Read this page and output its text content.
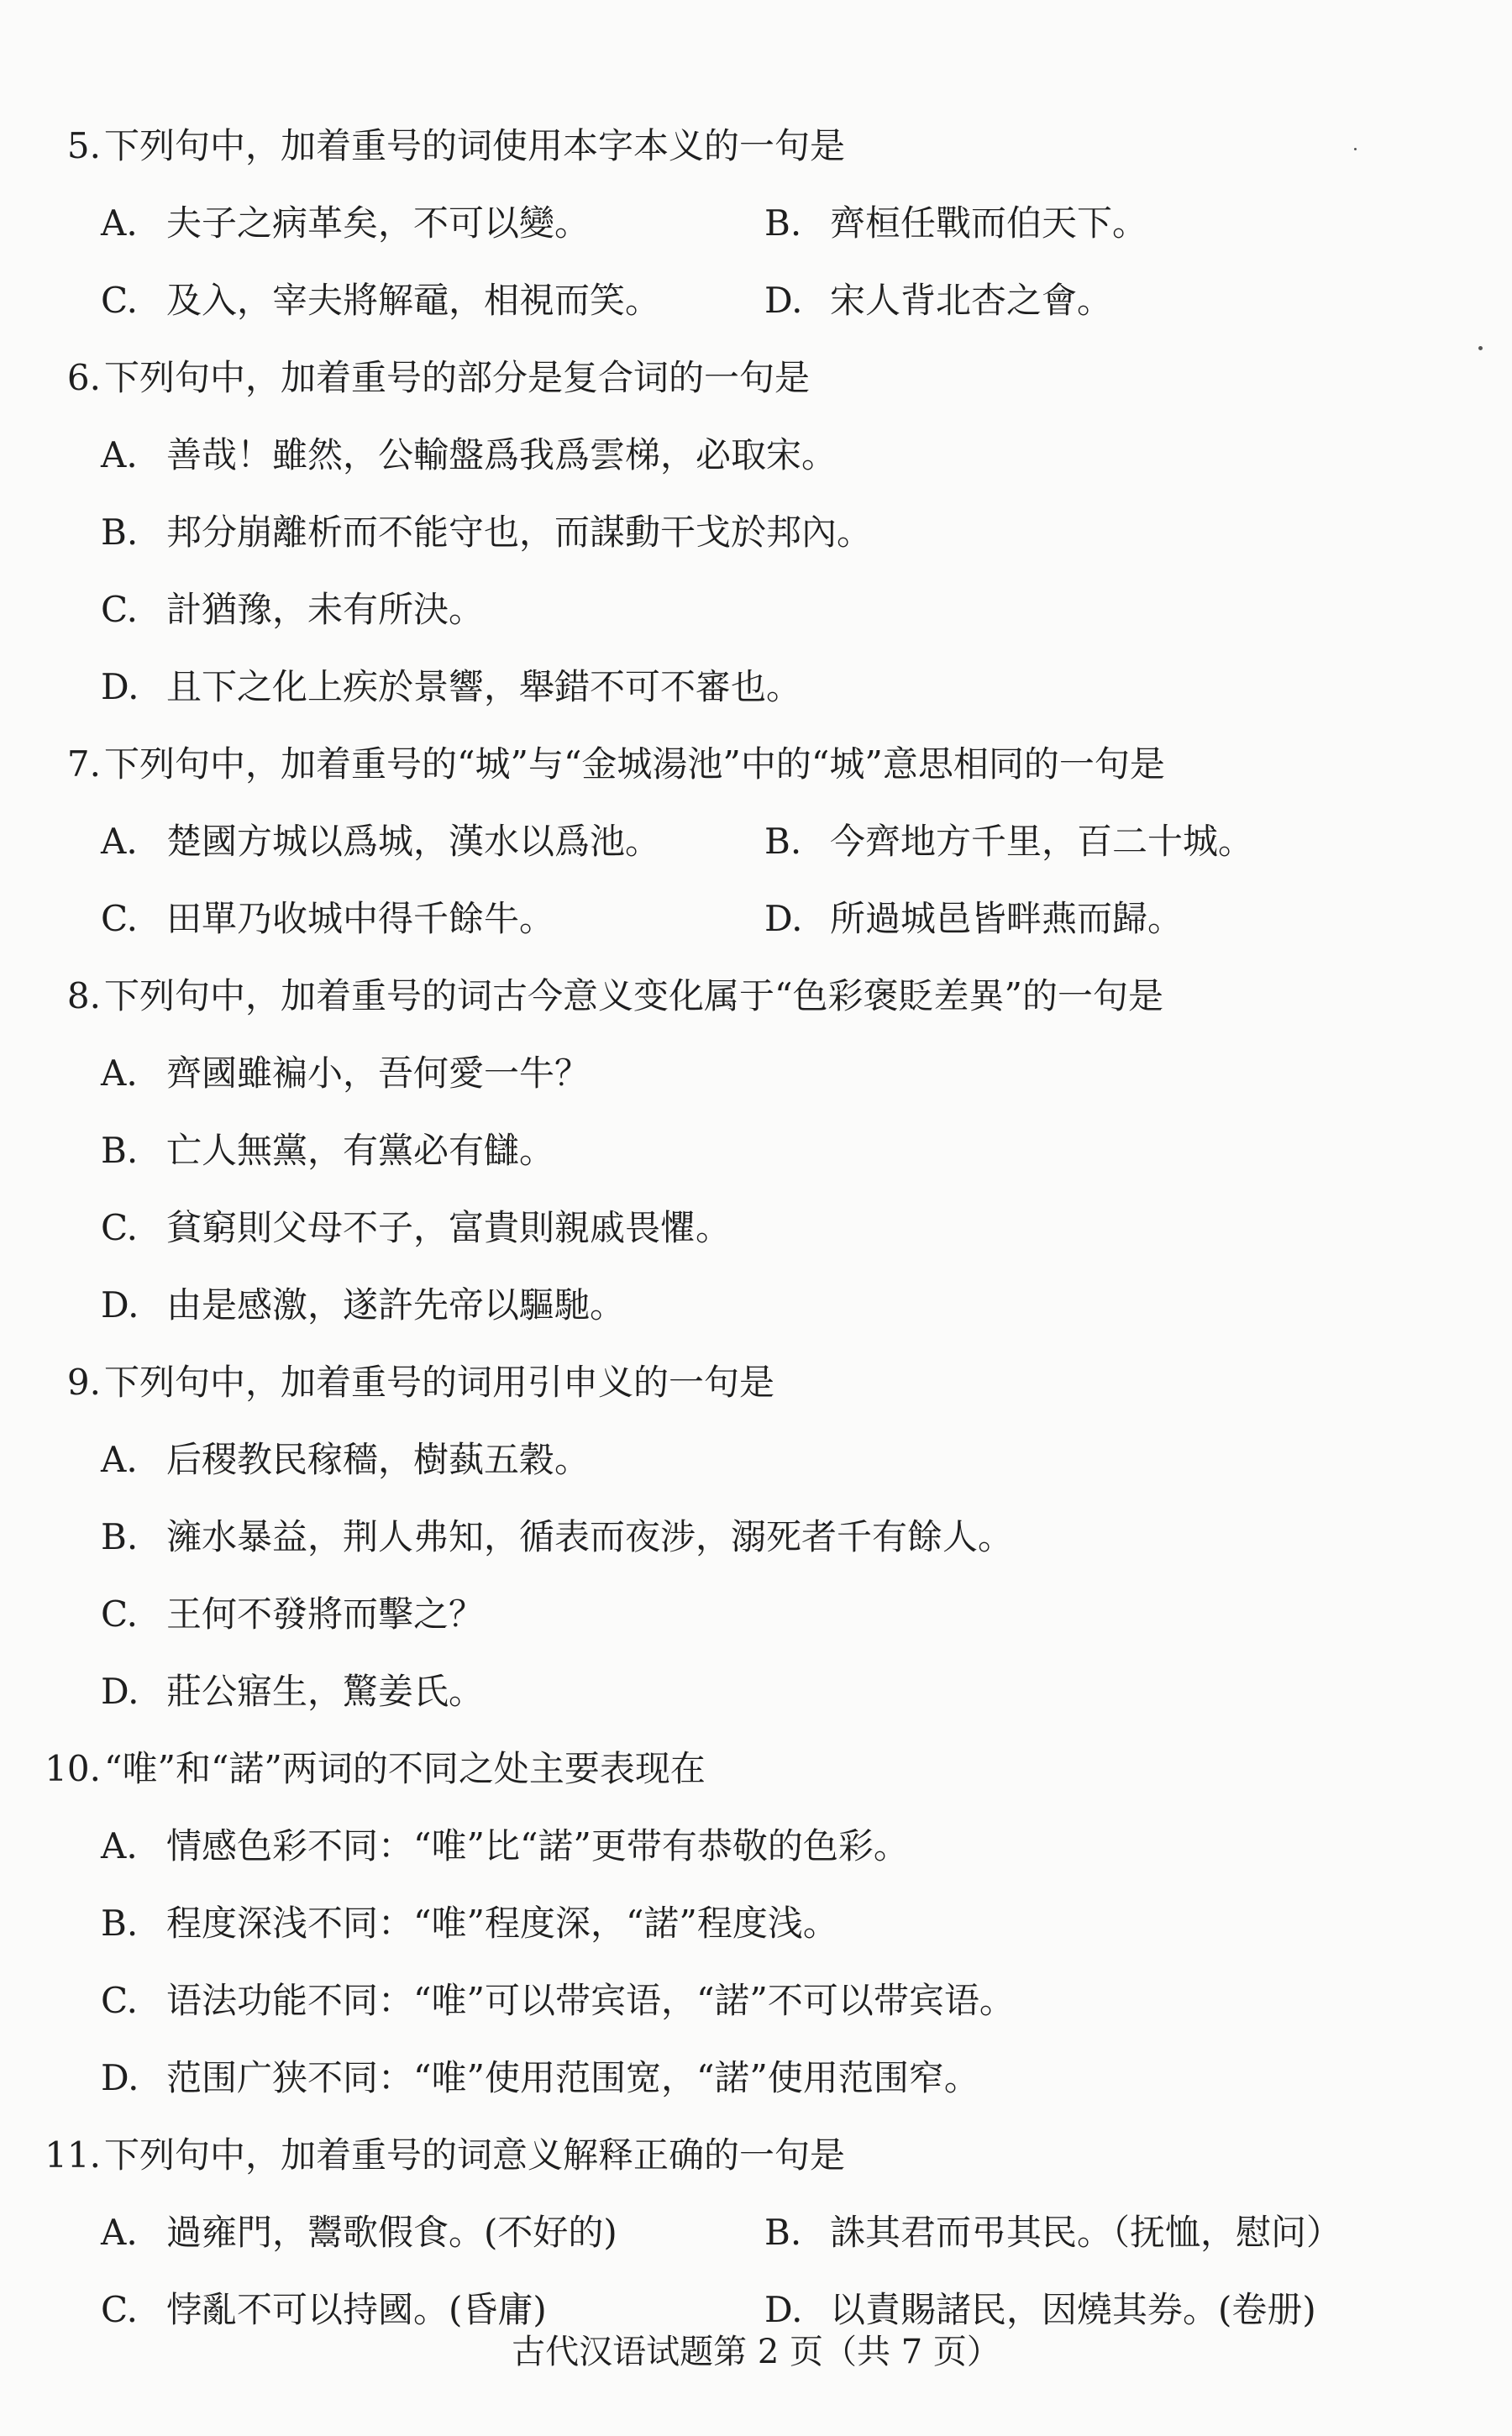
5. 下列句中，加着重号的词使用本字本义的一句是
A. 夫子之病革矣，不可以變。	B. 齊桓任戰而伯天下。
C. 及入，宰夫將解黿，相視而笑。	D. 宋人背北杏之會。
6. 下列句中，加着重号的部分是复合词的一句是
A. 善哉！雖然，公輸盤爲我爲雲梯，必取宋。
B. 邦分崩離析而不能守也，而謀動干戈於邦內。
C. 計猶豫，未有所決。
D. 且下之化上疾於景響，舉錯不可不審也。
7. 下列句中，加着重号的“城”与“金城湯池”中的“城”意思相同的一句是
A. 楚國方城以爲城，漢水以爲池。	B. 今齊地方千里，百二十城。
C. 田單乃收城中得千餘牛。	D. 所過城邑皆畔燕而歸。
8. 下列句中，加着重号的词古今意义变化属于“色彩褒貶差異”的一句是
A. 齊國雖褊小，吾何愛一牛？
B. 亡人無黨，有黨必有讎。
C. 貧窮則父母不子，富貴則親戚畏懼。
D. 由是感激，遂許先帝以驅馳。
9. 下列句中，加着重号的词用引申义的一句是
A. 后稷教民稼穡，樹蓺五穀。
B. 澭水暴益，荆人弗知，循表而夜涉，溺死者千有餘人。
C. 王何不發將而擊之？
D. 莊公寤生，驚姜氏。
10. “唯”和“諾”两词的不同之处主要表现在
A. 情感色彩不同：“唯”比“諾”更带有恭敬的色彩。
B. 程度深浅不同：“唯”程度深，“諾”程度浅。
C. 语法功能不同：“唯”可以带宾语，“諾”不可以带宾语。
D. 范围广狭不同：“唯”使用范围宽，“諾”使用范围窄。
11. 下列句中，加着重号的词意义解释正确的一句是
A. 過雍門，鬻歌假食。(不好的)	B. 誅其君而弔其民。（抚恤，慰问）
C. 悖亂不可以持國。(昏庸)	D. 以責賜諸民，因燒其券。(卷册)
古代汉语试题第 2 页（共 7 页）
